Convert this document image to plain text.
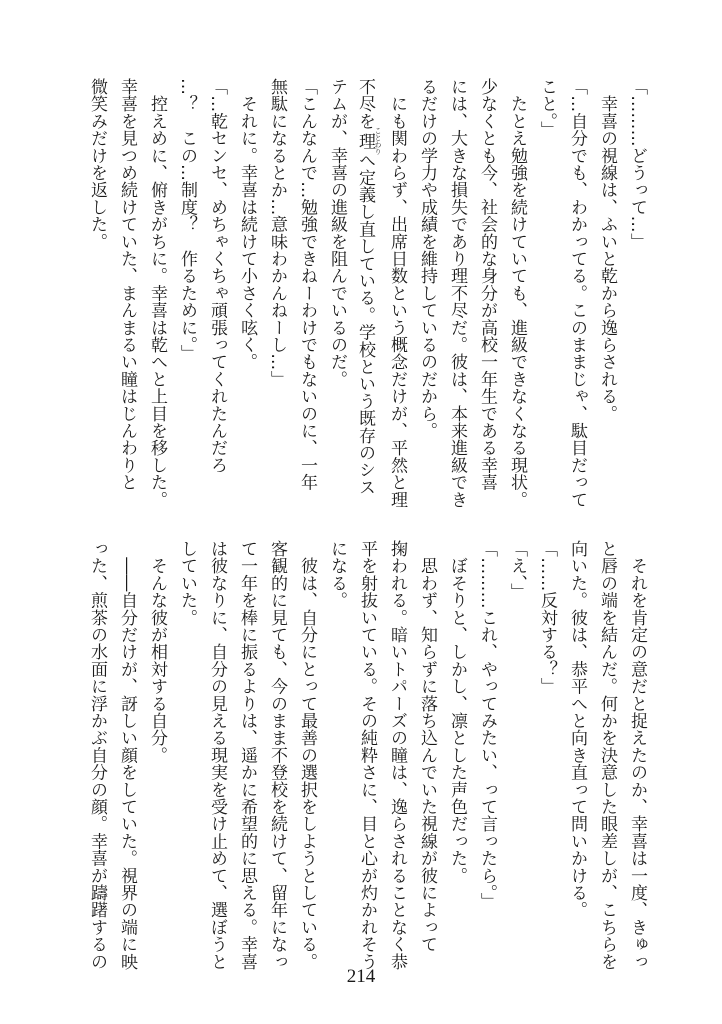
「………どうって…」
　幸喜の視線は、ふいと乾から逸らされる。
「…自分でも、わかってる。このままじゃ、駄目だって
こと。」
　たとえ勉強を続けていても、進級できなくなる現状。
少なくとも今、社会的な身分が高校一年生である幸喜
には、大きな損失であり理不尽だ。彼は、本来進級でき
るだけの学力や成績を維持しているのだから。
　にも関わらず、出席日数という概念だけが、平然と理
不尽を理 ことわりへ定義し直している。学校という既存のシス
テムが、幸喜の進級を阻んでいるのだ。
「こんなんで…勉強できねーわけでもないのに、一年
無駄になるとか…意味わかんねーし…」
　それに。幸喜は続けて小さく呟く。
「…乾センセ、めちゃくちゃ頑張ってくれたんだろ
…？　この…制度？　作るために。」
　控えめに、俯きがちに。幸喜は乾へと上目を移した。
幸喜を見つめ続けていた、まんまるい瞳はじんわりと
微笑みだけを返した。
　それを肯定の意だと捉えたのか、幸喜は一度、きゅっ
と唇の端を結んだ。何かを決意した眼差しが、こちらを
向いた。彼は、恭平へと向き直って問いかける。
「……反対する？」
「え、」
「………これ、やってみたい、って言ったら。」
　ぼそりと、しかし、凛とした声色だった。
　思わず、知らずに落ち込んでいた視線が彼によって
掬われる。暗いトパーズの瞳は、逸らされることなく恭
平を射抜いている。その純粋さに、目と心が灼かれそう
になる。
　彼は、自分にとって最善の選択をしようとしている。
客観的に見ても、今のまま不登校を続けて、留年になっ
て一年を棒に振るよりは、遥かに希望的に思える。幸喜
は彼なりに、自分の見える現実を受け止めて、選ぼうと
していた。
　そんな彼が相対する自分。
　――自分だけが、訝しい顔をしていた。視界の端に映
った、煎茶の水面に浮かぶ自分の顔。幸喜が躊躇するの
214
